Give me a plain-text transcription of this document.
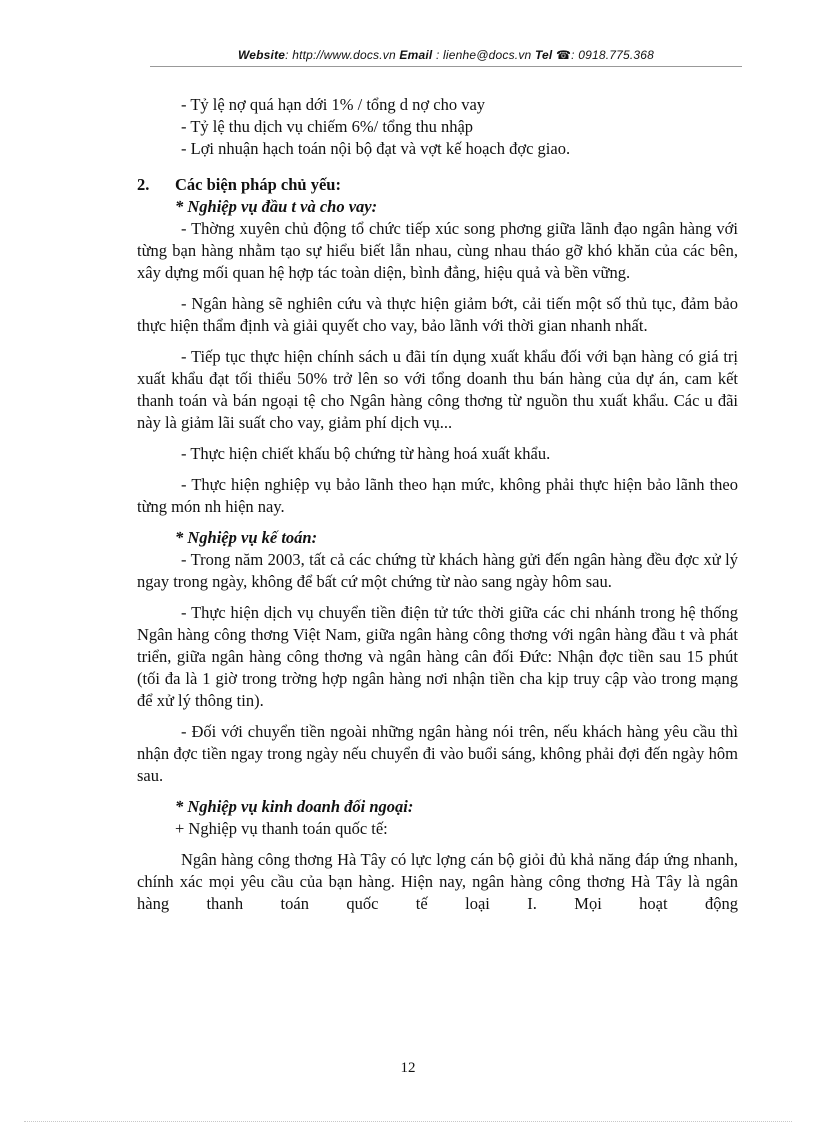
Website: http://www.docs.vn Email : lienhe@docs.vn Tel ☎: 0918.775.368

- Tỷ lệ nợ quá hạn dới 1% / tổng d nợ cho vay

- Tỷ lệ thu dịch vụ chiếm 6%/ tổng thu nhập

- Lợi nhuận hạch toán nội bộ đạt và vợt kế hoạch đợc giao.

2. Các biện pháp chủ yếu:

* Nghiệp vụ đầu t và cho vay:

- Thờng xuyên chủ động tổ chức tiếp xúc song phơng giữa lãnh đạo ngân hàng với từng bạn hàng nhằm tạo sự hiểu biết lẫn nhau, cùng nhau tháo gỡ khó khăn của các bên, xây dựng mối quan hệ hợp tác toàn diện, bình đẳng, hiệu quả và bền vững.

- Ngân hàng sẽ nghiên cứu và thực hiện giảm bớt, cải tiến một số thủ tục, đảm bảo thực hiện thẩm định và giải quyết cho vay, bảo lãnh với thời gian nhanh nhất.

- Tiếp tục thực hiện chính sách u đãi tín dụng xuất khẩu đối với bạn hàng có giá trị xuất khẩu đạt tối thiểu 50% trở lên so với tổng doanh thu bán hàng của dự án, cam kết thanh toán và bán ngoại tệ cho Ngân hàng công thơng từ nguồn thu xuất khẩu. Các u đãi này là giảm lãi suất cho vay, giảm phí dịch vụ...

- Thực hiện chiết khấu bộ chứng từ hàng hoá xuất khẩu.

- Thực hiện nghiệp vụ bảo lãnh theo hạn mức, không phải thực hiện bảo lãnh theo từng món nh hiện nay.

* Nghiệp vụ kế toán:

- Trong năm 2003, tất cả các chứng từ khách hàng gửi đến ngân hàng đều đợc xử lý ngay trong ngày, không để bất cứ một chứng từ nào sang ngày hôm sau.

- Thực hiện dịch vụ chuyển tiền điện tử tức thời giữa các chi nhánh trong hệ thống Ngân hàng công thơng Việt Nam, giữa ngân hàng công thơng với ngân hàng đầu t và phát triển, giữa ngân hàng công thơng và ngân hàng cân đối Đức: Nhận đợc tiền sau 15 phút (tối đa là 1 giờ trong trờng hợp ngân hàng nơi nhận tiền cha kịp truy cập vào trong mạng để xử lý thông tin).

- Đối với chuyển tiền ngoài những ngân hàng nói trên, nếu khách hàng yêu cầu thì nhận đợc tiền ngay trong ngày nếu chuyển đi vào buổi sáng, không phải đợi đến ngày hôm sau.

* Nghiệp vụ kinh doanh đối ngoại:

+ Nghiệp vụ thanh toán quốc tế:

Ngân hàng công thơng Hà Tây có lực lợng cán bộ giỏi đủ khả năng đáp ứng nhanh, chính xác mọi yêu cầu của bạn hàng. Hiện nay, ngân hàng công thơng Hà Tây là ngân hàng thanh toán quốc tế loại I. Mọi hoạt động

12
